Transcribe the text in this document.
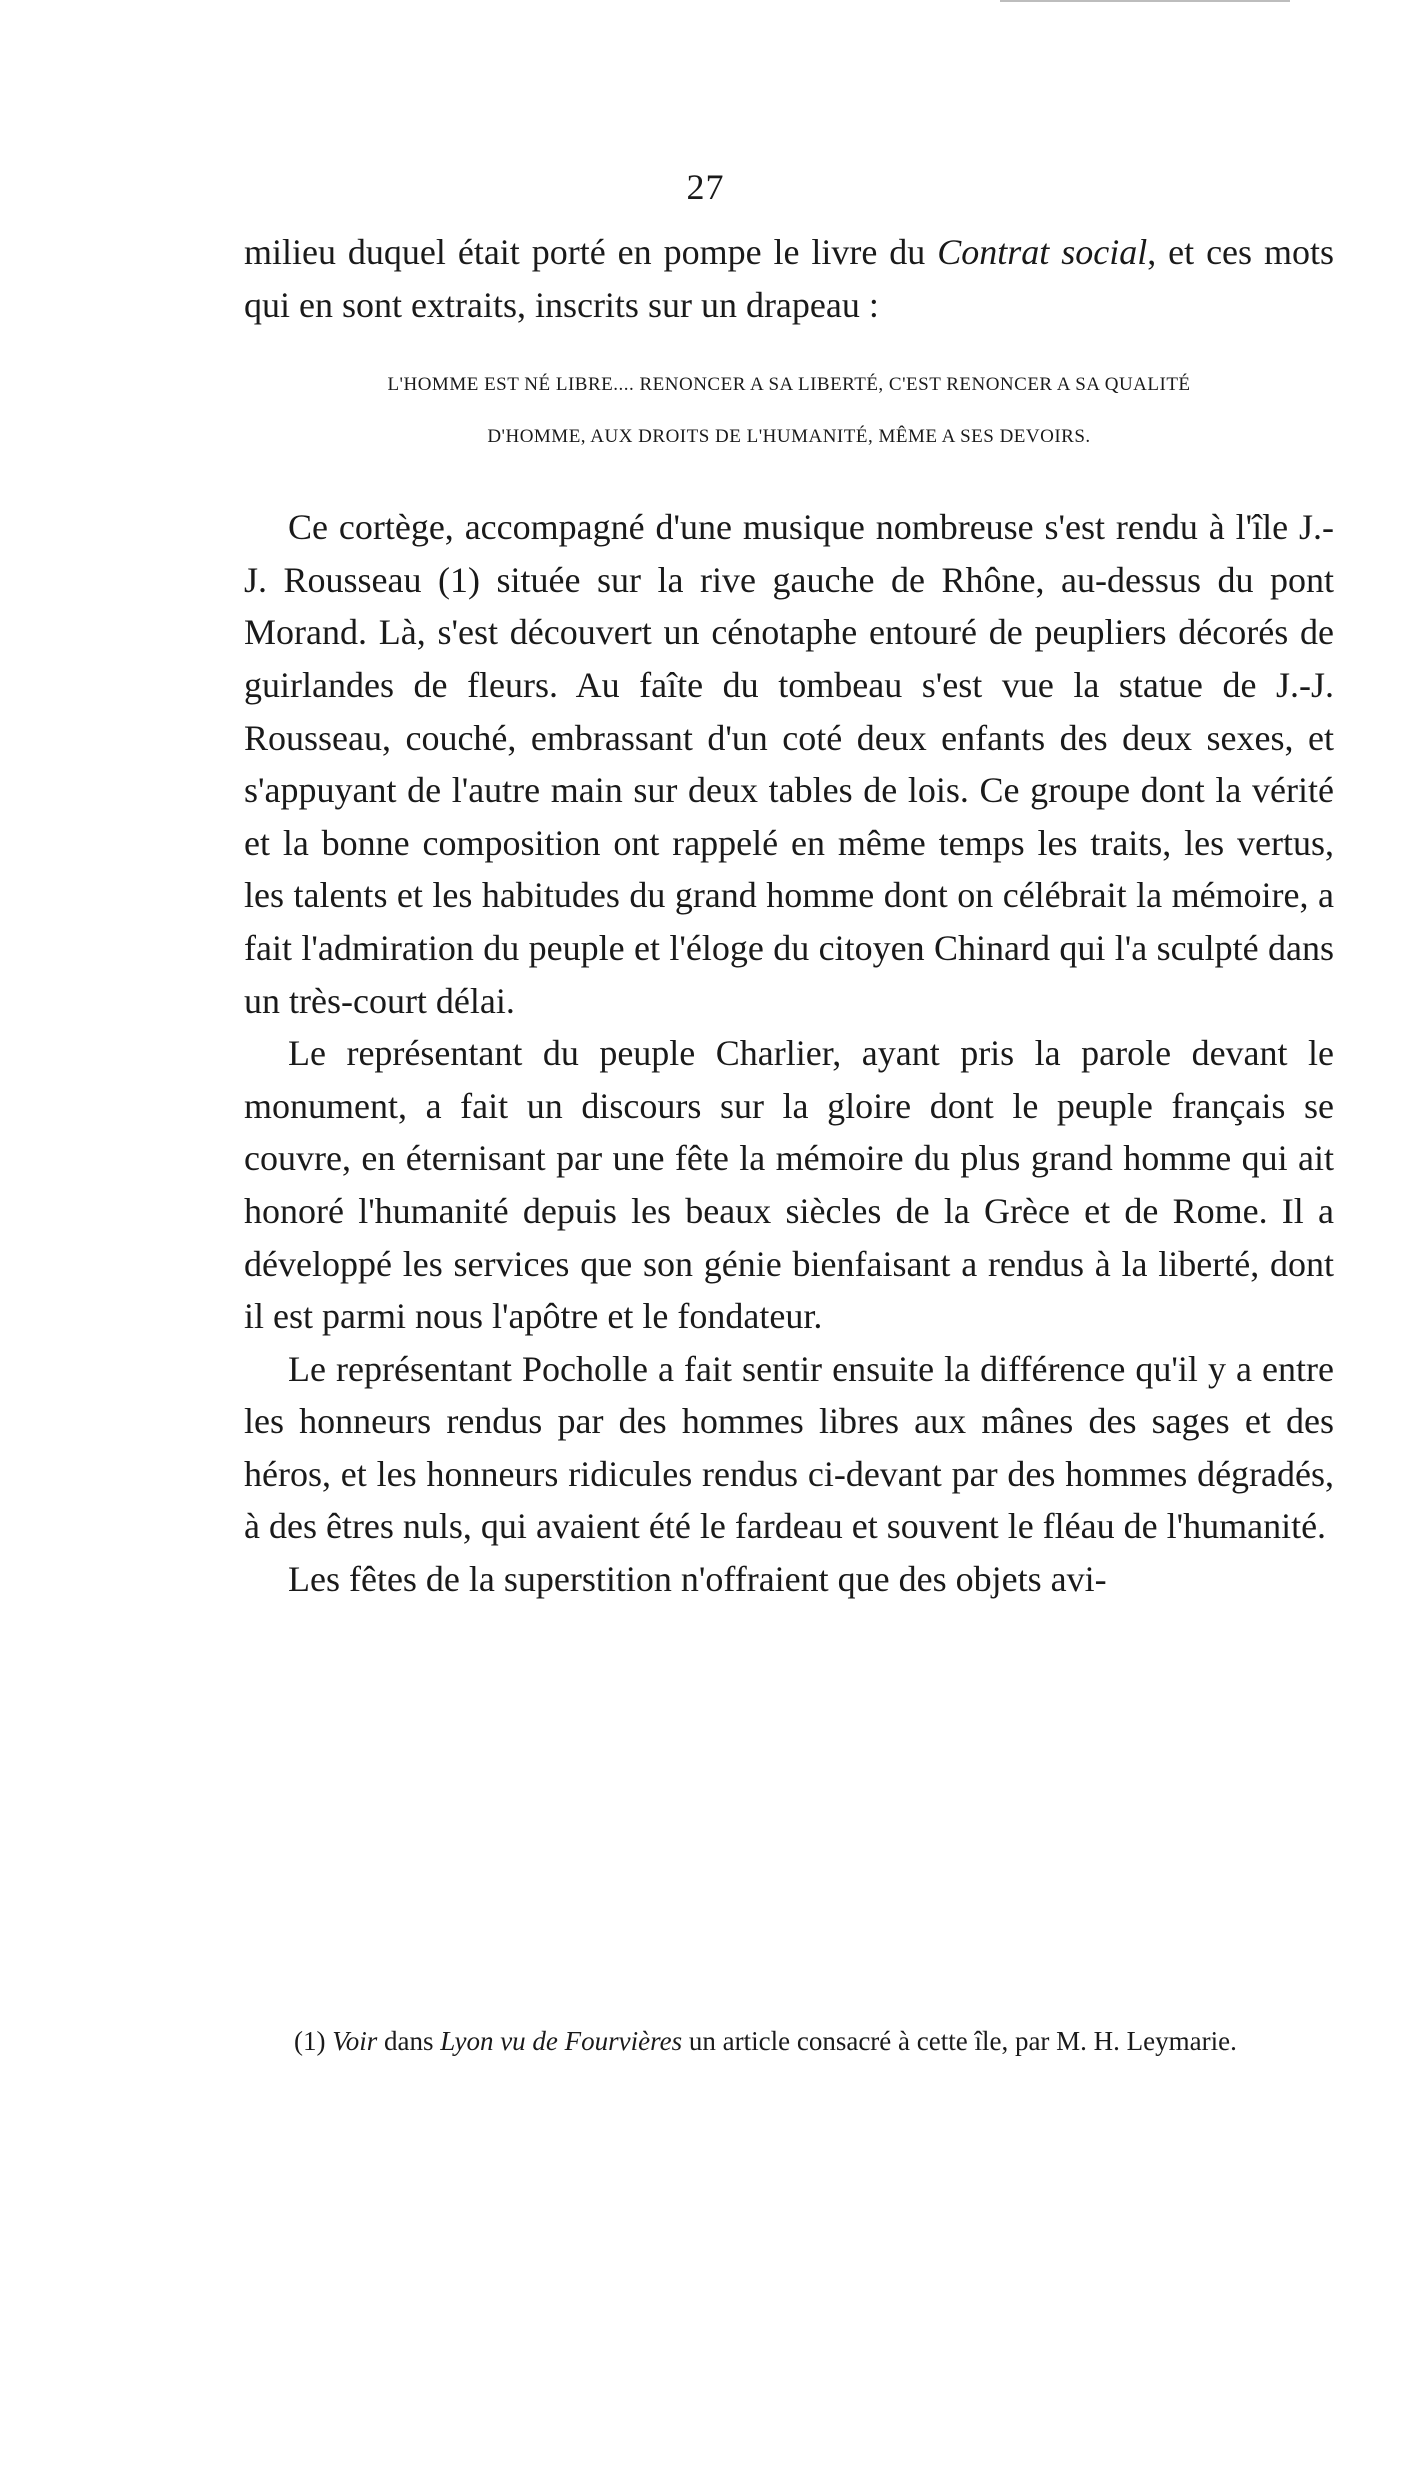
27

milieu duquel était porté en pompe le livre du Contrat social, et ces mots qui en sont extraits, inscrits sur un drapeau :

L'HOMME EST NÉ LIBRE.... RENONCER A SA LIBERTÉ, C'EST RENONCER A SA QUALITÉ
D'HOMME, AUX DROITS DE L'HUMANITÉ, MÊME A SES DEVOIRS.

Ce cortège, accompagné d'une musique nombreuse s'est rendu à l'île J.-J. Rousseau (1) située sur la rive gauche de Rhône, au-dessus du pont Morand. Là, s'est découvert un cénotaphe entouré de peupliers décorés de guirlandes de fleurs. Au faîte du tombeau s'est vue la statue de J.-J. Rousseau, couché, embrassant d'un coté deux enfants des deux sexes, et s'appuyant de l'autre main sur deux tables de lois. Ce groupe dont la vérité et la bonne composition ont rappelé en même temps les traits, les vertus, les talents et les habitudes du grand homme dont on célébrait la mémoire, a fait l'admiration du peuple et l'éloge du citoyen Chinard qui l'a sculpté dans un très-court délai.

Le représentant du peuple Charlier, ayant pris la parole devant le monument, a fait un discours sur la gloire dont le peuple français se couvre, en éternisant par une fête la mémoire du plus grand homme qui ait honoré l'humanité depuis les beaux siècles de la Grèce et de Rome. Il a développé les services que son génie bienfaisant a rendus à la liberté, dont il est parmi nous l'apôtre et le fondateur.

Le représentant Pocholle a fait sentir ensuite la différence qu'il y a entre les honneurs rendus par des hommes libres aux mânes des sages et des héros, et les honneurs ridicules rendus ci-devant par des hommes dégradés, à des êtres nuls, qui avaient été le fardeau et souvent le fléau de l'humanité.

Les fêtes de la superstition n'offraient que des objets avi-

(1) Voir dans Lyon vu de Fourvières un article consacré à cette île, par M. H. Leymarie.
